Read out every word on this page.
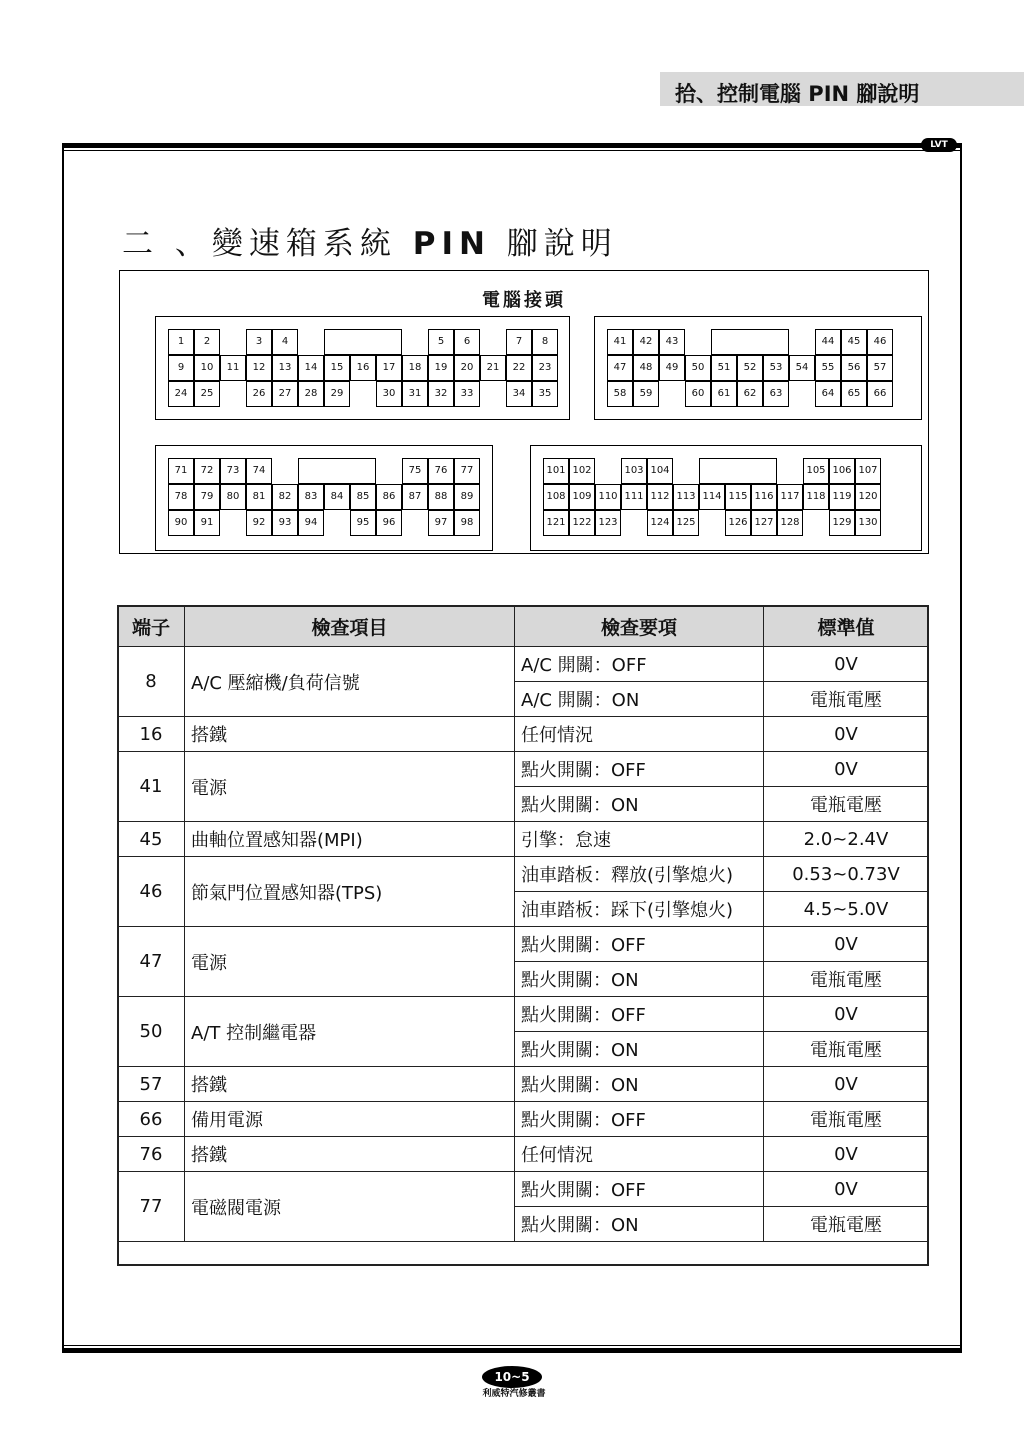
拾、控制電腦 PIN 腳說明
LVT
二 、變速箱系統 PIN 腳說明
電腦接頭
1	2	3	4	5	6	7	8
9	10	11	12	13	14	15	16	17	18	19	20	21	22	23
24	25	26	27	28	29	30	31	32	33	34	35
41	42	43	44	45	46
47	48	49	50	51	52	53	54	55	56	57
58	59	60	61	62	63	64	65	66
71	72	73	74	75	76	77
78	79	80	81	82	83	84	85	86	87	88	89
90	91	92	93	94	95	96	97	98
101 102	103 104	105 106 107
108 109 110 111 112 113 114 115 116 117 118 119 120
121 122 123	124 125	126 127 128	129 130
端子	檢查項目	檢查要項	標準值
8	A/C 壓縮機/負荷信號	A/C 開關：OFF	0V
		A/C 開關：ON	電瓶電壓
16	搭鐵	任何情況	0V
41	電源	點火開關：OFF	0V
		點火開關：ON	電瓶電壓
45	曲軸位置感知器(MPI)	引擎：怠速	2.0~2.4V
46	節氣門位置感知器(TPS)	油車踏板：釋放(引擎熄火)	0.53~0.73V
		油車踏板：踩下(引擎熄火)	4.5~5.0V
47	電源	點火開關：OFF	0V
		點火開關：ON	電瓶電壓
50	A/T 控制繼電器	點火開關：OFF	0V
		點火開關：ON	電瓶電壓
57	搭鐵	點火開關：ON	0V
66	備用電源	點火開關：OFF	電瓶電壓
76	搭鐵	任何情況	0V
77	電磁閥電源	點火開關：OFF	0V
		點火開關：ON	電瓶電壓
10~5
利威特汽修叢書
